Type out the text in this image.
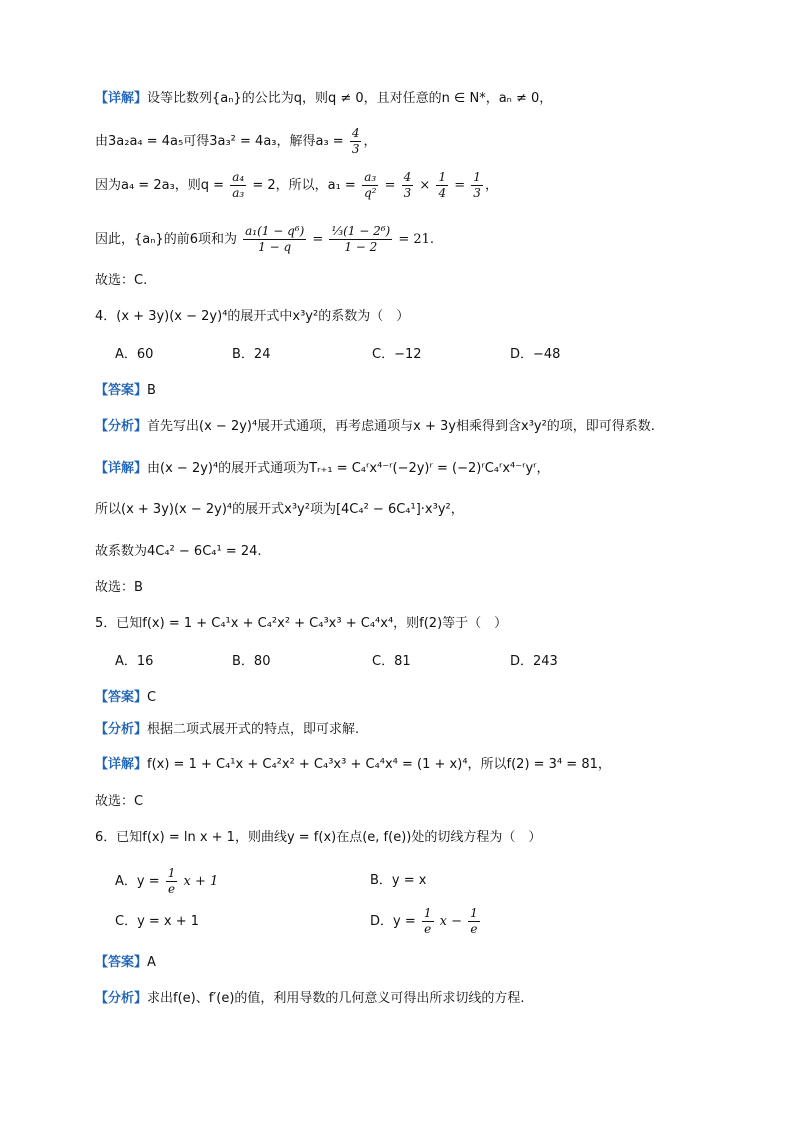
【详解】设等比数列{aₙ}的公比为q，则q ≠ 0，且对任意的n ∈ N*，aₙ ≠ 0，
由3a₂a₄ = 4a₅可得3a₃² = 4a₃，解得$a_3 = \frac{4}{3}$ ，
因为a₄ = 2a₃，则$q = \frac{\text{a₄}}{\text{a₃}} = 2$，所以，$a_1 = \frac{\text{a₃}}{\text{q²}} = \frac{4}{3} \times \frac{1}{4} = \frac{1}{3}$ ，
因此，{aₙ}的前6项和为 $\frac{\text{a₁(1 − q⁶)}}{1 - q} = \frac{\text{⅓(1 − 2⁶)}}{1 - 2} = 21$.
故选：C.
4．(x + 3y)(x − 2y)⁴的展开式中x³y²的系数为（　）
A．60	B．24	C．−12	D．−48
【答案】B
【分析】首先写出(x − 2y)⁴展开式通项，再考虑通项与x + 3y相乘得到含x³y²的项，即可得系数.
【详解】由(x − 2y)⁴的展开式通项为Tᵣ₊₁ = C₄ʳx⁴⁻ʳ(−2y)ʳ = (−2)ʳC₄ʳx⁴⁻ʳyʳ，
所以(x + 3y)(x − 2y)⁴的展开式x³y²项为[4C₄² − 6C₄¹]·x³y²，
故系数为4C₄² − 6C₄¹ = 24.
故选：B
5．已知f(x) = 1 + C₄¹x + C₄²x² + C₄³x³ + C₄⁴x⁴，则f(2)等于（　）
A．16	B．80	C．81	D．243
【答案】C
【分析】根据二项式展开式的特点，即可求解.
【详解】f(x) = 1 + C₄¹x + C₄²x² + C₄³x³ + C₄⁴x⁴ = (1 + x)⁴，所以f(2) = 3⁴ = 81，
故选：C
6．已知f(x) = ln x + 1，则曲线y = f(x)在点(e, f(e))处的切线方程为（　）
A．$y = \frac{1}{e}$ x + 1	B．y = x
C．y = x + 1	D．$y = \frac{1}{e}$ $x - \frac{1}{e}$
【答案】A
【分析】求出f(e)、f′(e)的值，利用导数的几何意义可得出所求切线的方程.
